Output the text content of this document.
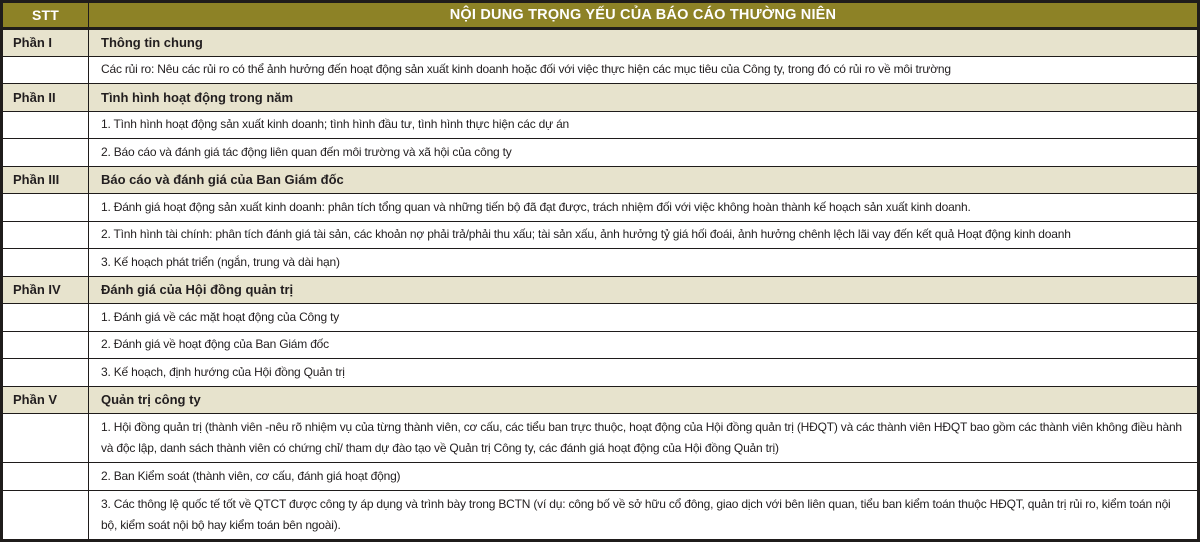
STT	NỘI DUNG TRỌNG YẾU CỦA BÁO CÁO THƯỜNG NIÊN
Phần I	Thông tin chung
	Các rủi ro: Nêu các rủi ro có thể ảnh hưởng đến hoạt động sản xuất kinh doanh hoặc đối với việc thực hiện các mục tiêu của Công ty, trong đó có rủi ro về môi trường
Phần II	Tình hình hoạt động trong năm
	1. Tình hình hoạt động sản xuất kinh doanh; tình hình đầu tư, tình hình thực hiện các dự án
	2. Báo cáo và đánh giá tác động liên quan đến môi trường và xã hội của công ty
Phần III	Báo cáo và đánh giá của Ban Giám đốc
	1. Đánh giá hoạt động sản xuất kinh doanh: phân tích tổng quan và những tiến bộ đã đạt được, trách nhiệm đối với việc không hoàn thành kế hoạch sản xuất kinh doanh.
	2. Tình hình tài chính: phân tích đánh giá tài sản, các khoản nợ phải trả/phải thu xấu; tài sản xấu, ảnh hưởng tỷ giá hối đoái, ảnh hưởng chênh lệch lãi vay đến kết quả Hoạt động kinh doanh
	3. Kế hoạch phát triển (ngắn, trung và dài hạn)
Phần IV	Đánh giá của Hội đồng quản trị
	1. Đánh giá về các mặt hoạt động của Công ty
	2. Đánh giá về hoạt động của Ban Giám đốc
	3. Kế hoạch, định hướng của Hội đồng Quản trị
Phần V	Quản trị công ty
	1. Hội đồng quản trị (thành viên -nêu rõ nhiệm vụ của từng thành viên, cơ cấu, các tiểu ban trực thuộc, hoạt động của Hội đồng quản trị (HĐQT) và các thành viên HĐQT bao gồm các thành viên không điều hành và độc lập, danh sách thành viên có chứng chỉ/ tham dự đào tạo về Quản trị Công ty, các đánh giá hoạt động của Hội đồng Quản trị)
	2. Ban Kiểm soát (thành viên, cơ cấu, đánh giá hoạt động)
	3. Các thông lệ quốc tế tốt về QTCT được công ty áp dụng và trình bày trong BCTN (ví dụ: công bố về sở hữu cổ đông, giao dịch với bên liên quan, tiểu ban kiểm toán thuộc HĐQT, quản trị rủi ro, kiểm toán nội bộ, kiểm soát nội bộ hay kiểm toán bên ngoài).
